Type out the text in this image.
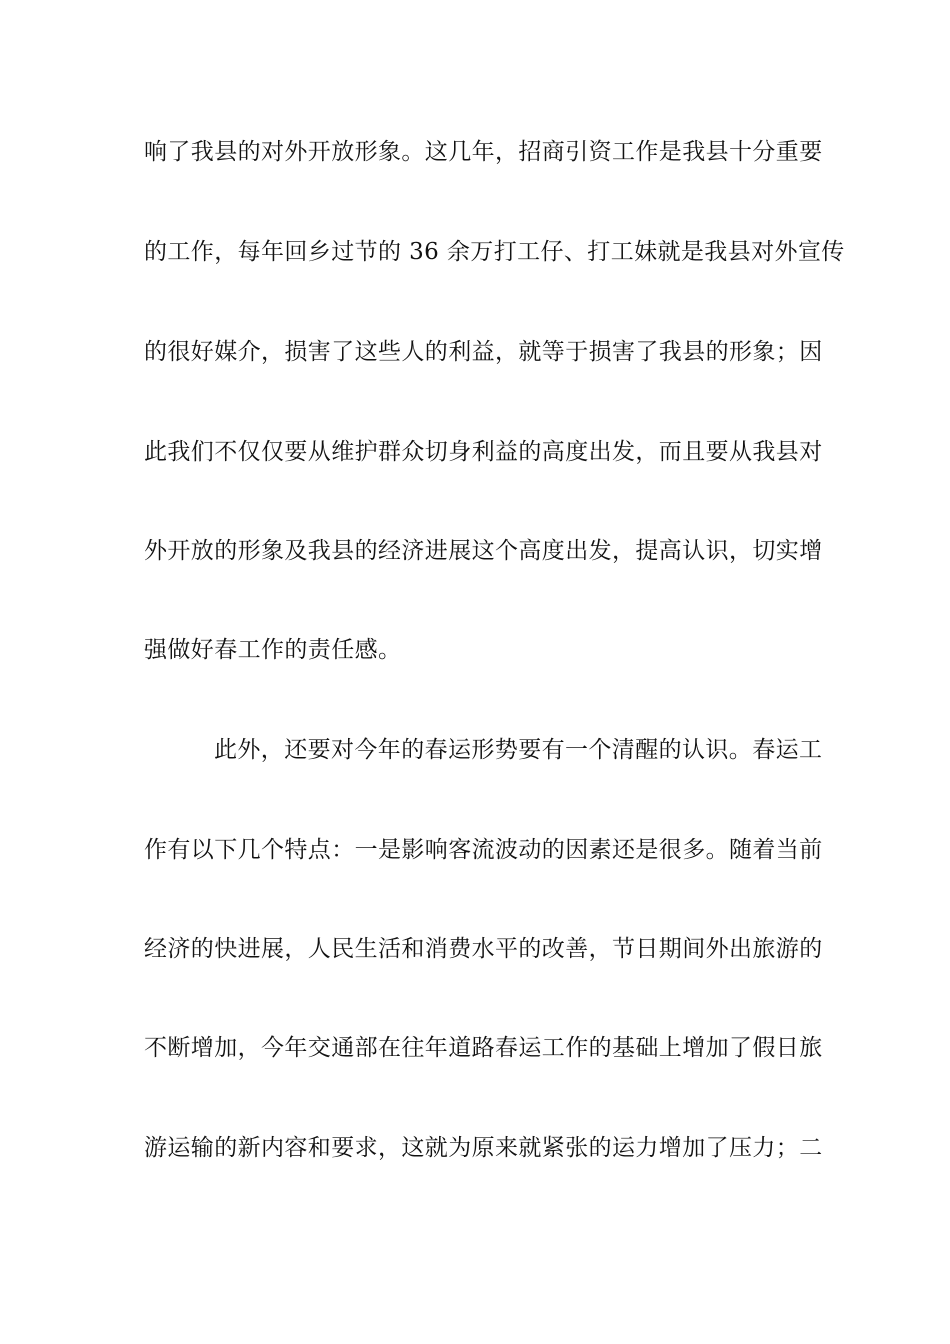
响了我县的对外开放形象。这几年，招商引资工作是我县十分重要
的工作，每年回乡过节的 36 余万打工仔、打工妹就是我县对外宣传
的很好媒介，损害了这些人的利益，就等于损害了我县的形象；因
此我们不仅仅要从维护群众切身利益的高度出发，而且要从我县对
外开放的形象及我县的经济进展这个高度出发，提高认识，切实增
强做好春工作的责任感。
此外，还要对今年的春运形势要有一个清醒的认识。春运工
作有以下几个特点：一是影响客流波动的因素还是很多。随着当前
经济的快进展，人民生活和消费水平的改善，节日期间外出旅游的
不断增加，今年交通部在往年道路春运工作的基础上增加了假日旅
游运输的新内容和要求，这就为原来就紧张的运力增加了压力；二
